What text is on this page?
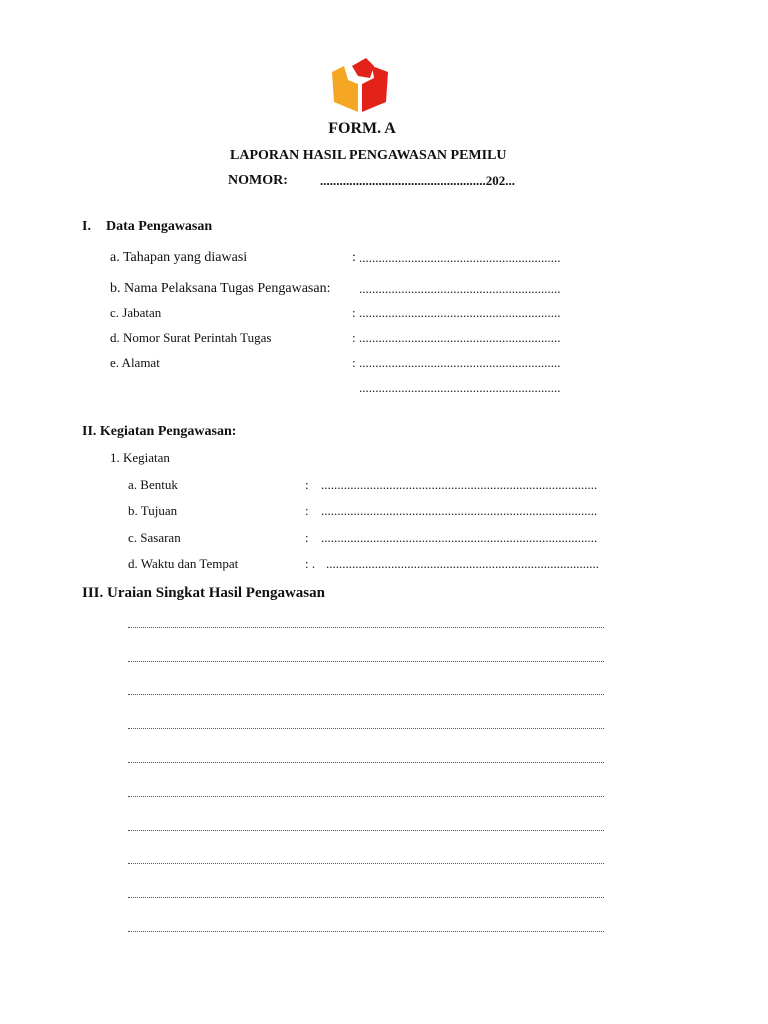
FORM. A
LAPORAN HASIL PENGAWASAN PEMILU
NOMOR: ...................................................202...
I. Data Pengawasan
a. Tahapan yang diawasi	: ..............................................................
b. Nama Pelaksana Tugas Pengawasan: ..............................................................
c. Jabatan	: ..............................................................
d. Nomor Surat Perintah Tugas	: ..............................................................
e. Alamat	: ..............................................................
..............................................................
II. Kegiatan Pengawasan:
1. Kegiatan
a. Bentuk	: .....................................................................................
b. Tujuan	: .....................................................................................
c. Sasaran	: .....................................................................................
d. Waktu dan Tempat	: . ....................................................................................
III. Uraian Singkat Hasil Pengawasan
